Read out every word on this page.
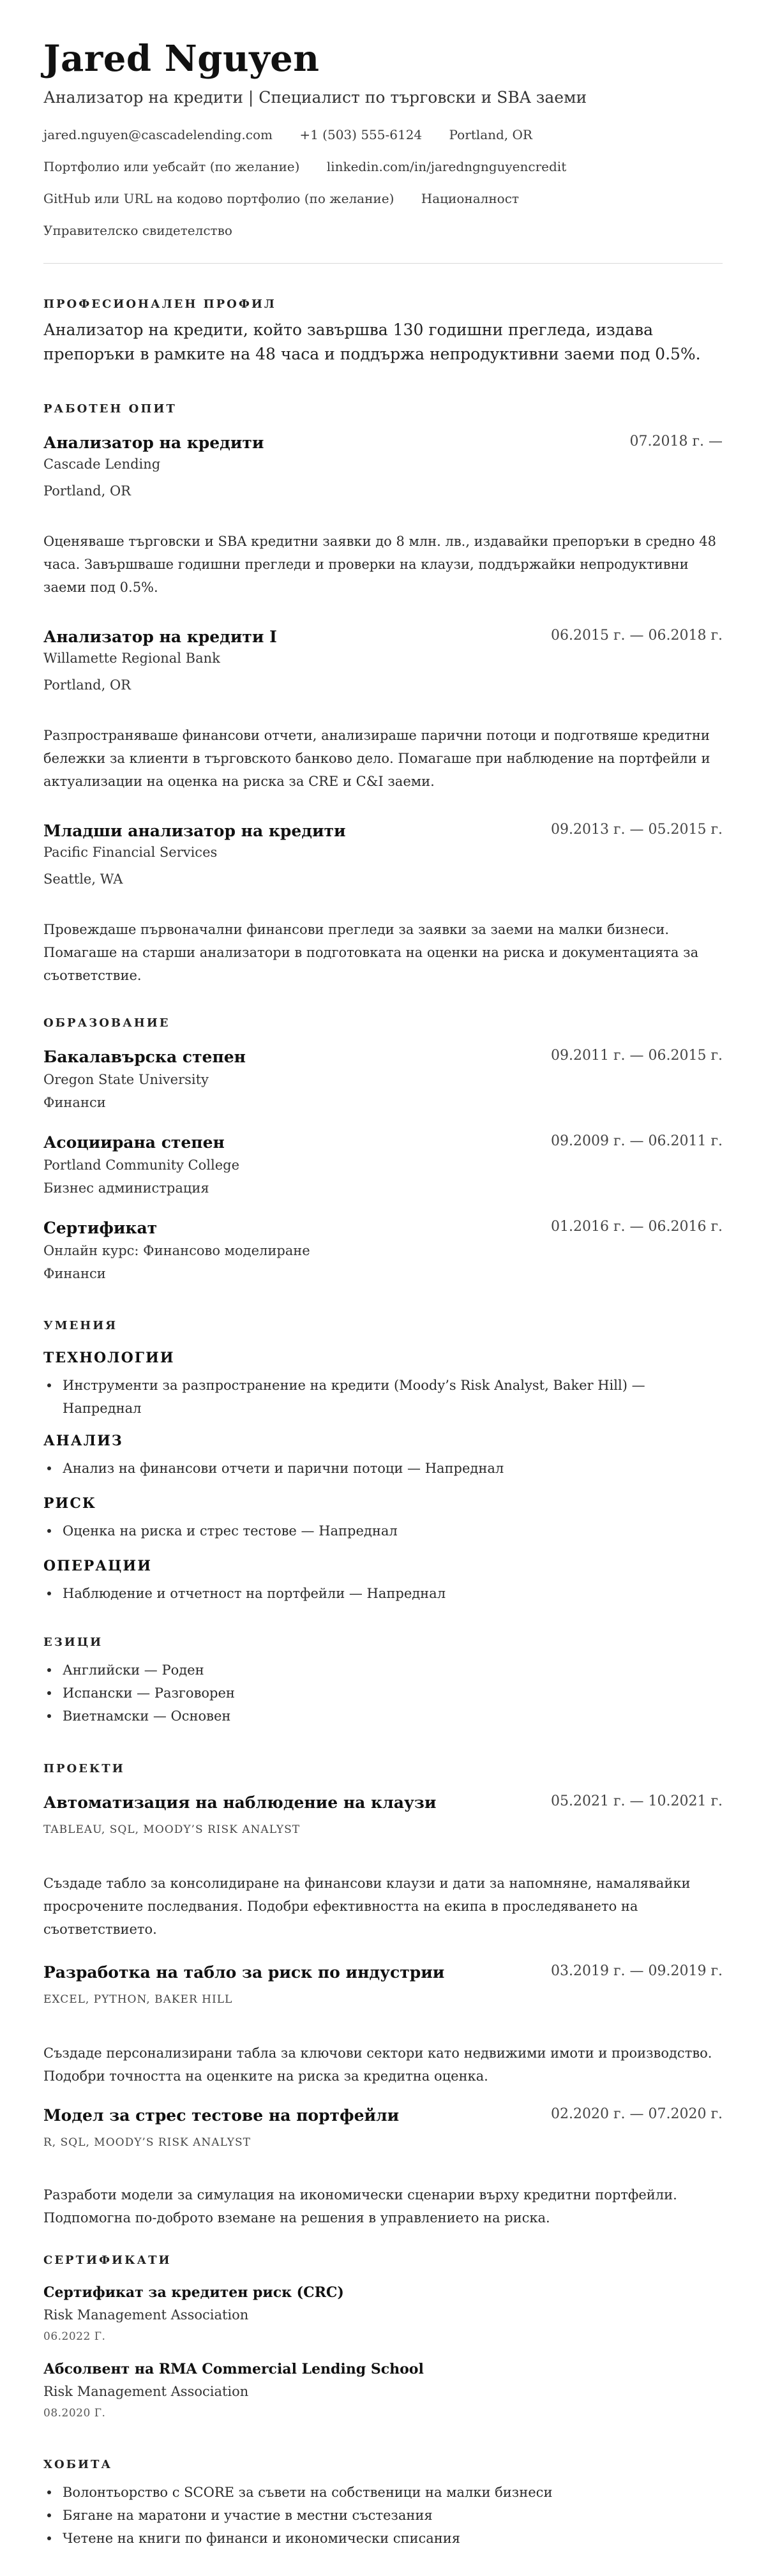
Jared Nguyen
Анализатор на кредити | Специалист по търговски и SBA заеми
jared.nguyen@cascadelending.com +1 (503) 555-6124 Portland, OR
Портфолио или уебсайт (по желание) linkedin.com/in/jaredngnguyencredit
GitHub или URL на кодово портфолио (по желание) Националност
Управителско свидетелство
ПРОФЕСИОНАЛЕН ПРОФИЛ
Анализатор на кредити, който завършва 130 годишни прегледа, издава препоръки в рамките на 48 часа и поддържа непродуктивни заеми под 0.5%.
РАБОТЕН ОПИТ
Анализатор на кредити	07.2018 г. —
Cascade Lending
Portland, OR
Оценяваше търговски и SBA кредитни заявки до 8 млн. лв., издавайки препоръки в средно 48 часа. Завършваше годишни прегледи и проверки на клаузи, поддържайки непродуктивни заеми под 0.5%.
Анализатор на кредити I	06.2015 г. — 06.2018 г.
Willamette Regional Bank
Portland, OR
Разпространяваше финансови отчети, анализираше парични потоци и подготвяше кредитни бележки за клиенти в търговското банково дело. Помагаше при наблюдение на портфейли и актуализации на оценка на риска за CRE и C&I заеми.
Младши анализатор на кредити	09.2013 г. — 05.2015 г.
Pacific Financial Services
Seattle, WA
Провеждаше първоначални финансови прегледи за заявки за заеми на малки бизнеси. Помагаше на старши анализатори в подготовката на оценки на риска и документацията за съответствие.
ОБРАЗОВАНИЕ
Бакалавърска степен	09.2011 г. — 06.2015 г.
Oregon State University
Финанси
Асоциирана степен	09.2009 г. — 06.2011 г.
Portland Community College
Бизнес администрация
Сертификат	01.2016 г. — 06.2016 г.
Онлайн курс: Финансово моделиране
Финанси
УМЕНИЯ
ТЕХНОЛОГИИ
Инструменти за разпространение на кредити (Moody’s Risk Analyst, Baker Hill) — Напреднал
АНАЛИЗ
Анализ на финансови отчети и парични потоци — Напреднал
РИСК
Оценка на риска и стрес тестове — Напреднал
ОПЕРАЦИИ
Наблюдение и отчетност на портфейли — Напреднал
ЕЗИЦИ
Английски — Роден
Испански — Разговорен
Виетнамски — Основен
ПРОЕКТИ
Автоматизация на наблюдение на клаузи	05.2021 г. — 10.2021 г.
TABLEAU, SQL, MOODY’S RISK ANALYST
Създаде табло за консолидиране на финансови клаузи и дати за напомняне, намалявайки просрочените последвания. Подобри ефективността на екипа в проследяването на съответствието.
Разработка на табло за риск по индустрии	03.2019 г. — 09.2019 г.
EXCEL, PYTHON, BAKER HILL
Създаде персонализирани табла за ключови сектори като недвижими имоти и производство. Подобри точността на оценките на риска за кредитна оценка.
Модел за стрес тестове на портфейли	02.2020 г. — 07.2020 г.
R, SQL, MOODY’S RISK ANALYST
Разработи модели за симулация на икономически сценарии върху кредитни портфейли. Подпомогна по-доброто вземане на решения в управлението на риска.
СЕРТИФИКАТИ
Сертификат за кредитен риск (CRC)
Risk Management Association
06.2022 Г.
Абсолвент на RMA Commercial Lending School
Risk Management Association
08.2020 Г.
ХОБИТА
Волонтьорство с SCORE за съвети на собственици на малки бизнеси
Бягане на маратони и участие в местни състезания
Четене на книги по финанси и икономически списания
